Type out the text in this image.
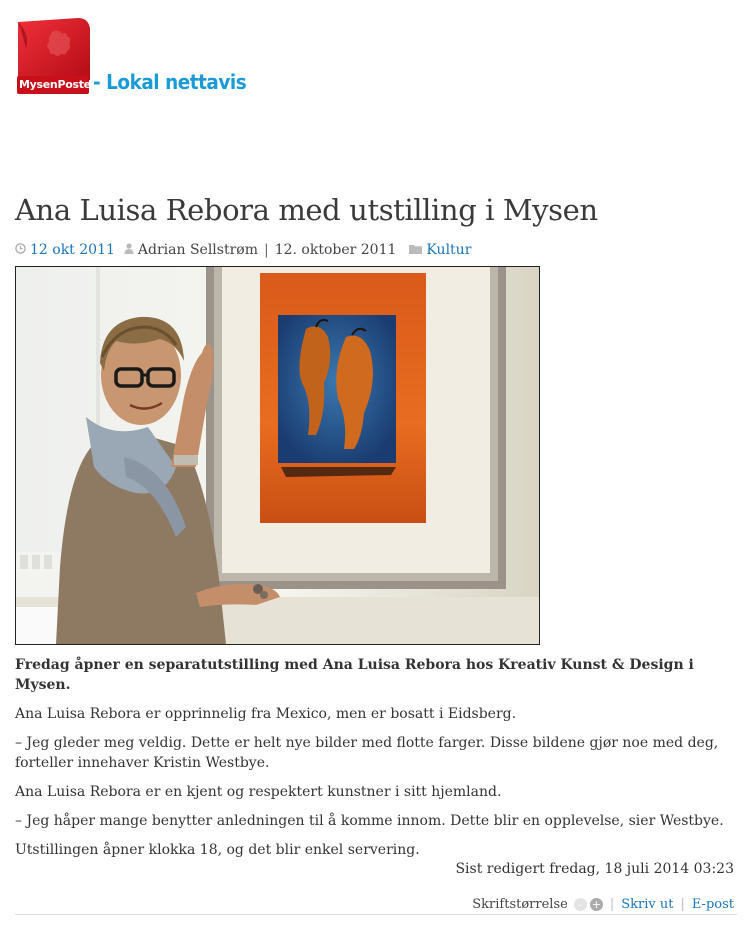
MysenPosten
- Lokal nettavis
Ana Luisa Rebora med utstilling i Mysen
12 okt 2011 Adrian Sellstrøm | 12. oktober 2011 Kultur

Fredag åpner en separatutstilling med Ana Luisa Rebora hos Kreativ Kunst & Design i Mysen.

Ana Luisa Rebora er opprinnelig fra Mexico, men er bosatt i Eidsberg.

– Jeg gleder meg veldig. Dette er helt nye bilder med flotte farger. Disse bildene gjør noe med deg, forteller innehaver Kristin Westbye.

Ana Luisa Rebora er en kjent og respektert kunstner i sitt hjemland.

– Jeg håper mange benytter anledningen til å komme innom. Dette blir en opplevelse, sier Westbye.

Utstillingen åpner klokka 18, og det blir enkel servering.

Sist redigert fredag, 18 juli 2014 03:23
Skriftstørrelse – + | Skriv ut | E-post
